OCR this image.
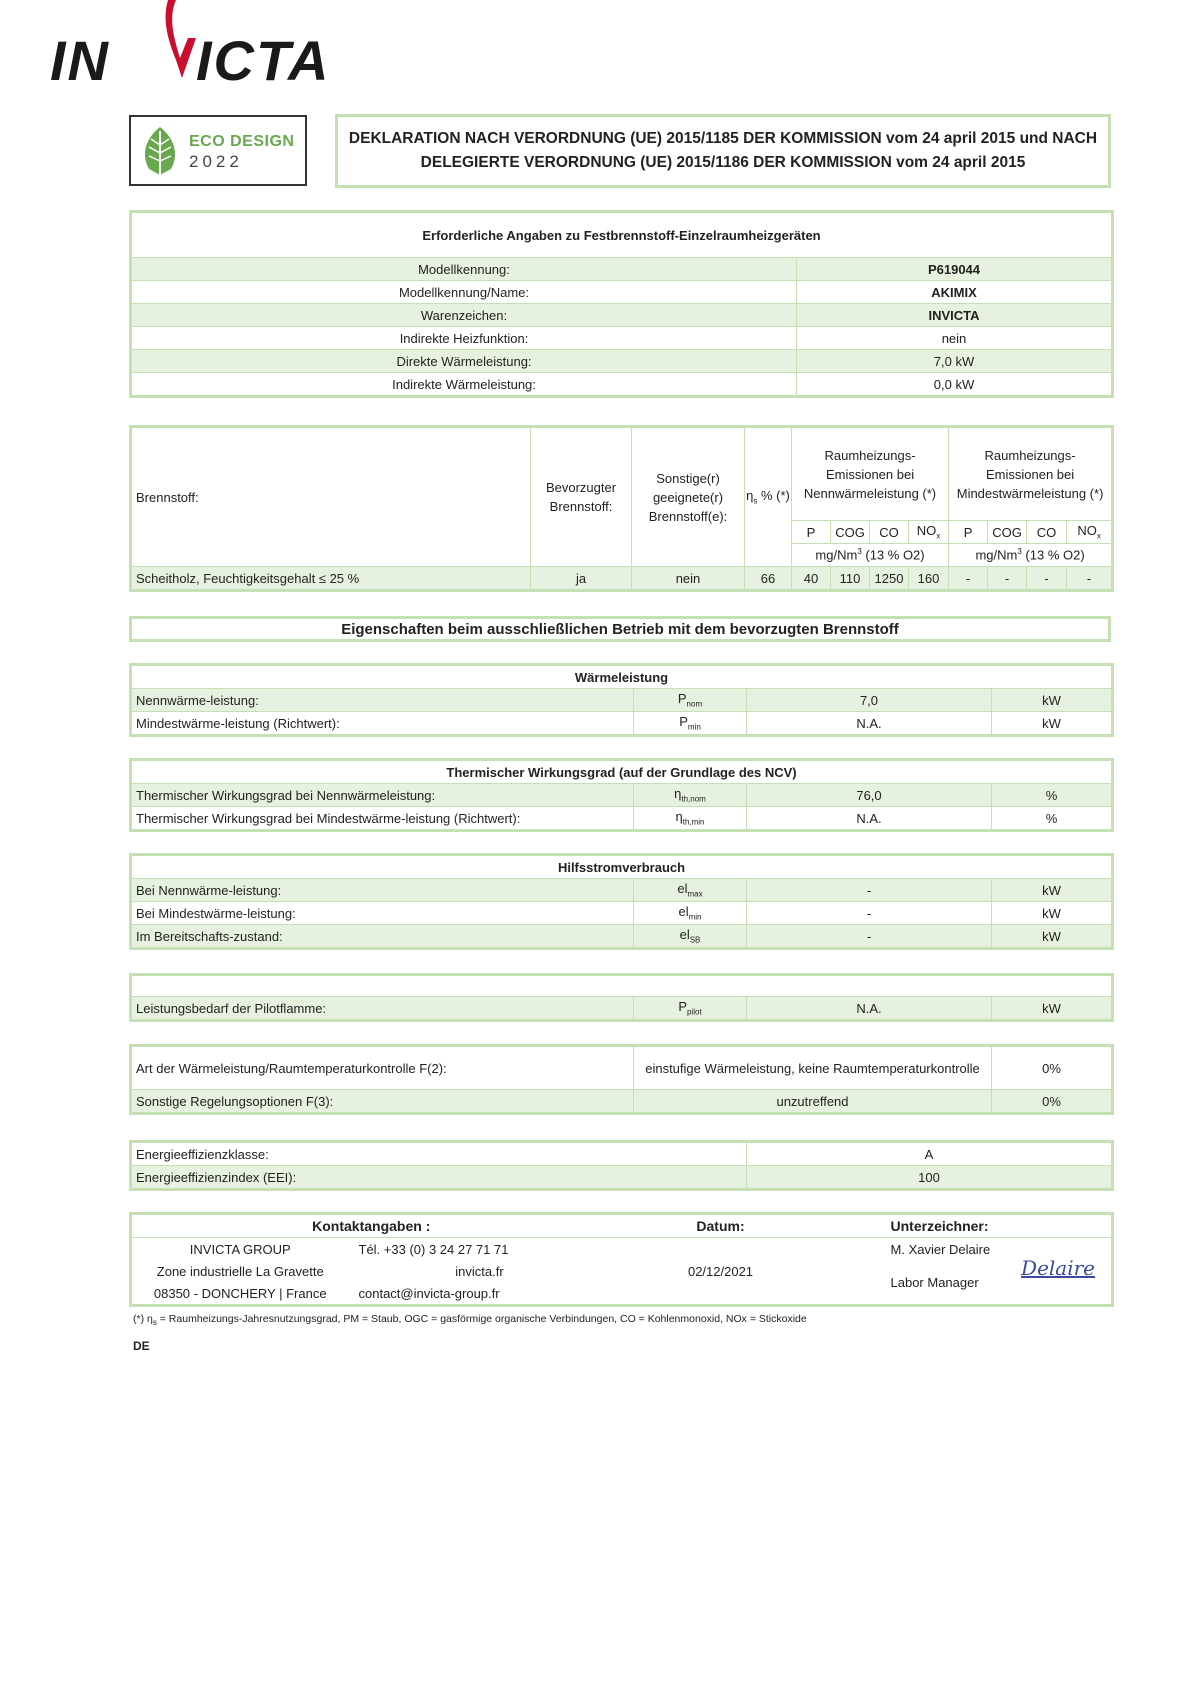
IN ICTA
ECO DESIGN
2022
DEKLARATION NACH VERORDNUNG (UE) 2015/1185 DER KOMMISSION vom 24 april 2015 und NACH
DELEGIERTE VERORDNUNG (UE) 2015/1186 DER KOMMISSION vom 24 april 2015
Erforderliche Angaben zu Festbrennstoff-Einzelraumheizgeräten	
Modellkennung:	P619044
Modellkennung/Name:	AKIMIX
Warenzeichen:	INVICTA
Indirekte Heizfunktion:	nein
Direkte Wärmeleistung:	7,0 kW
Indirekte Wärmeleistung:	0,0 kW
Brennstoff:	Bevorzugter Brennstoff:	Sonstige(r) geeignete(r) Brennstoff(e):	$\eta_s$ % (*)	Raumheizungs-Emissionen bei Nennwärmeleistung (*)				Raumheizungs-Emissionen bei Mindestwärmeleistung (*)			
				P	COG	CO	$NO_x$	P	COG	CO	$NO_x$
				mg/Nm$^3$ (13 % O2)				mg/Nm$^3$ (13 % O2)			
Scheitholz, Feuchtigkeitsgehalt ≤ 25 %	ja	nein	66	40	110	1250	160	-	-	-	-
Eigenschaften beim ausschließlichen Betrieb mit dem bevorzugten Brennstoff
Wärmeleistung			
Nennwärme-leistung:	$P_{nom}$	7,0	kW
Mindestwärme-leistung (Richtwert):	$P_{min}$	N.A.	kW
Thermischer Wirkungsgrad (auf der Grundlage des NCV)			
Thermischer Wirkungsgrad bei Nennwärmeleistung:	$\eta_{th,nom}$	76,0	%
Thermischer Wirkungsgrad bei Mindestwärme-leistung (Richtwert):	$\eta_{th,min}$	N.A.	%
Hilfsstromverbrauch			
Bei Nennwärme-leistung:	$el_{max}$	-	kW
Bei Mindestwärme-leistung:	$el_{min}$	-	kW
Im Bereitschafts-zustand:	$el_{SB}$	-	kW

Leistungsbedarf der Pilotflamme:	$P_{pilot}$	N.A.	kW
Art der Wärmeleistung/Raumtemperaturkontrolle F(2):	einstufige Wärmeleistung, keine Raumtemperaturkontrolle	0%
Sonstige Regelungsoptionen F(3):	unzutreffend	0%
Energieeffizienzklasse:	A
Energieeffizienzindex (EEI):	100
Kontaktangaben :		Datum:	Unterzeichner:
INVICTA GROUP	Tél. +33 (0) 3 24 27 71 71	02/12/2021	M. Xavier Delaire
Zone industrielle La Gravette	invicta.fr		Labor Manager
Delaire

08350 - DONCHERY | France	contact@invicta-group.fr		
(*) $\eta_s$ = Raumheizungs-Jahresnutzungsgrad, PM = Staub, OGC = gasförmige organische Verbindungen, CO = Kohlenmonoxid, NOx = Stickoxide
DE
